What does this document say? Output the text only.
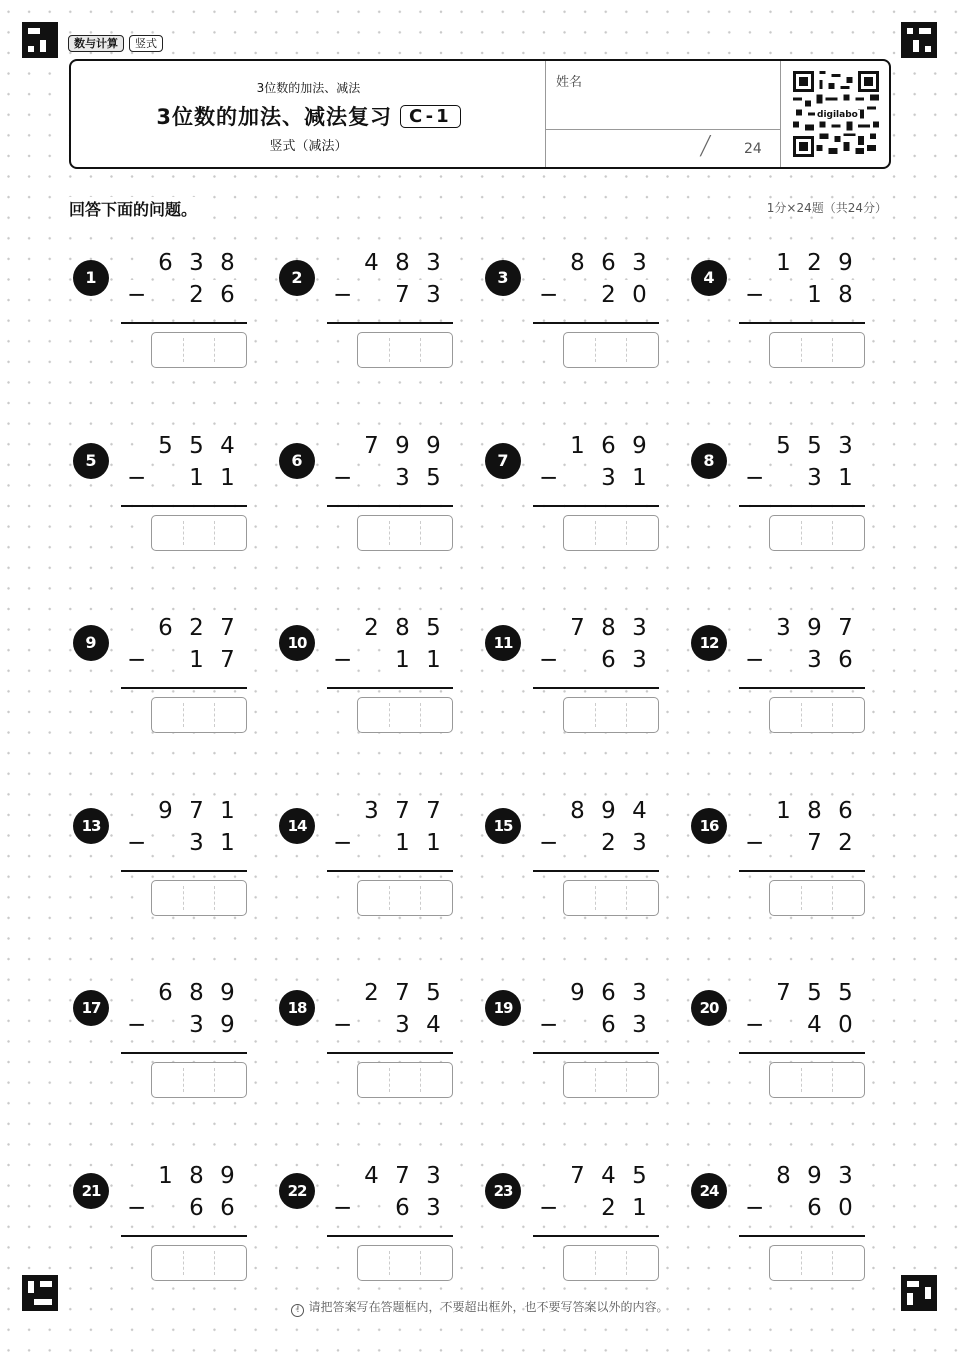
数与计算	竖式
3位数的加法、减法
3位数的加法、减法复习 C-1
竖式（减法）
姓名
/ 24
digilabo
回答下面的问题。	1分×24题（共24分）
1
6 3 8
−	2 6
2
4 8 3
−	7 3
3
8 6 3
−	2 0
4
1 2 9
−	1 8
5
5 5 4
−	1 1
6
7 9 9
−	3 5
7
1 6 9
−	3 1
8
5 5 3
−	3 1
9
6 2 7
−	1 7
10
2 8 5
−	1 1
11
7 8 3
−	6 3
12
3 9 7
−	3 6
13
9 7 1
−	3 1
14
3 7 7
−	1 1
15
8 9 4
−	2 3
16
1 8 6
−	7 2
17
6 8 9
−	3 9
18
2 7 5
−	3 4
19
9 6 3
−	6 3
20
7 5 5
−	4 0
21
1 8 9
−	6 6
22
4 7 3
−	6 3
23
7 4 5
−	2 1
24
8 9 3
−	6 0
! 请把答案写在答题框内，不要超出框外，也不要写答案以外的内容。
